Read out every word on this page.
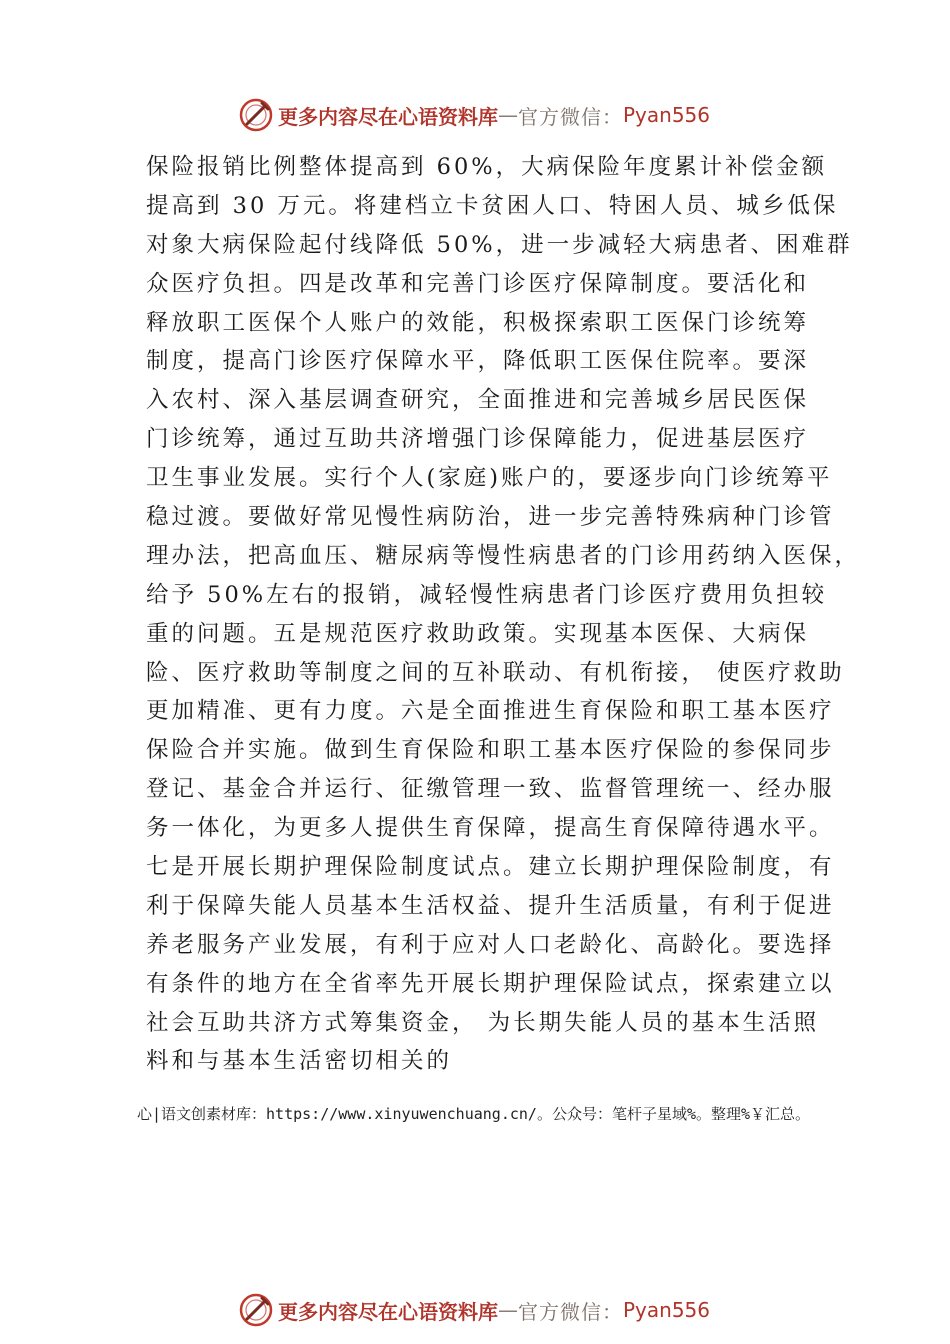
更多内容尽在心语资料库 — 官方微信： Pyan556
保险报销比例整体提高到 60%，大病保险年度累计补偿金额
提高到 30 万元。将建档立卡贫困人口、特困人员、城乡低保
对象大病保险起付线降低 50%，进一步减轻大病患者、困难群
众医疗负担。四是改革和完善门诊医疗保障制度。要活化和
释放职工医保个人账户的效能，积极探索职工医保门诊统筹
制度，提高门诊医疗保障水平，降低职工医保住院率。要深
入农村、深入基层调查研究，全面推进和完善城乡居民医保
门诊统筹，通过互助共济增强门诊保障能力，促进基层医疗
卫生事业发展。实行个人(家庭)账户的，要逐步向门诊统筹平
稳过渡。要做好常见慢性病防治，进一步完善特殊病种门诊管
理办法，把高血压、糖尿病等慢性病患者的门诊用药纳入医保，
给予 50%左右的报销，减轻慢性病患者门诊医疗费用负担较
重的问题。五是规范医疗救助政策。实现基本医保、大病保
险、医疗救助等制度之间的互补联动、有机衔接， 使医疗救助
更加精准、更有力度。六是全面推进生育保险和职工基本医疗
保险合并实施。做到生育保险和职工基本医疗保险的参保同步
登记、基金合并运行、征缴管理一致、监督管理统一、经办服
务一体化，为更多人提供生育保障，提高生育保障待遇水平。
七是开展长期护理保险制度试点。建立长期护理保险制度，有
利于保障失能人员基本生活权益、提升生活质量，有利于促进
养老服务产业发展，有利于应对人口老龄化、高龄化。要选择
有条件的地方在全省率先开展长期护理保险试点，探索建立以
社会互助共济方式筹集资金， 为长期失能人员的基本生活照
料和与基本生活密切相关的
心|语文创素材库：https://www.xinyuwenchuang.cn/。公众号：笔杆子星域%。整理%￥汇总。
更多内容尽在心语资料库 — 官方微信： Pyan556
